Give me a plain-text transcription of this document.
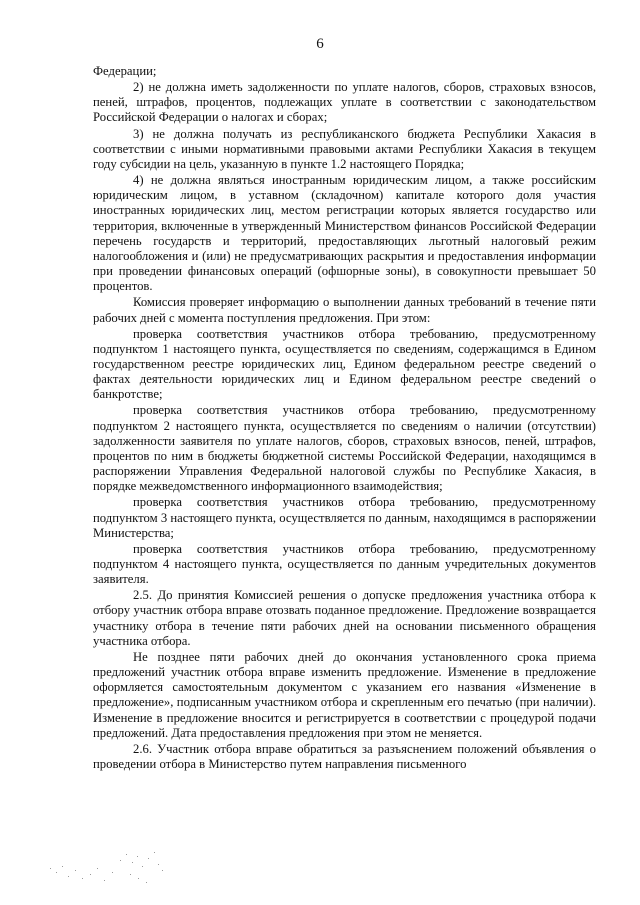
6

Федерации;

2) не должна иметь задолженности по уплате налогов, сборов, страховых взносов, пеней, штрафов, процентов, подлежащих уплате в соответствии с законодательством Российской Федерации о налогах и сборах;

3) не должна получать из республиканского бюджета Республики Хакасия в соответствии с иными нормативными правовыми актами Республики Хакасия в текущем году субсидии на цель, указанную в пункте 1.2 настоящего Порядка;

4) не должна являться иностранным юридическим лицом, а также российским юридическим лицом, в уставном (складочном) капитале которого доля участия иностранных юридических лиц, местом регистрации которых является государство или территория, включенные в утвержденный Министерством финансов Российской Федерации перечень государств и территорий, предоставляющих льготный налоговый режим налогообложения и (или) не предусматривающих раскрытия и предоставления информации при проведении финансовых операций (офшорные зоны), в совокупности превышает 50 процентов.

Комиссия проверяет информацию о выполнении данных требований в течение пяти рабочих дней с момента поступления предложения. При этом:

проверка соответствия участников отбора требованию, предусмотренному подпунктом 1 настоящего пункта, осуществляется по сведениям, содержащимся в Едином государственном реестре юридических лиц, Едином федеральном реестре сведений о фактах деятельности юридических лиц и Едином федеральном реестре сведений о банкротстве;

проверка соответствия участников отбора требованию, предусмотренному подпунктом 2 настоящего пункта, осуществляется по сведениям о наличии (отсутствии) задолженности заявителя по уплате налогов, сборов, страховых взносов, пеней, штрафов, процентов по ним в бюджеты бюджетной системы Российской Федерации, находящимся в распоряжении Управления Федеральной налоговой службы по Республике Хакасия, в порядке межведомственного информационного взаимодействия;

проверка соответствия участников отбора требованию, предусмотренному подпунктом 3 настоящего пункта, осуществляется по данным, находящимся в распоряжении Министерства;

проверка соответствия участников отбора требованию, предусмотренному подпунктом 4 настоящего пункта, осуществляется по данным учредительных документов заявителя.

2.5. До принятия Комиссией решения о допуске предложения участника отбора к отбору участник отбора вправе отозвать поданное предложение. Предложение возвращается участнику отбора в течение пяти рабочих дней на основании письменного обращения участника отбора.

Не позднее пяти рабочих дней до окончания установленного срока приема предложений участник отбора вправе изменить предложение. Изменение в предложение оформляется самостоятельным документом с указанием его названия «Изменение в предложение», подписанным участником отбора и скрепленным его печатью (при наличии). Изменение в предложение вносится и регистрируется в соответствии с процедурой подачи предложений. Дата предоставления предложения при этом не меняется.

2.6. Участник отбора вправе обратиться за разъяснением положений объявления о проведении отбора в Министерство путем направления письменного
